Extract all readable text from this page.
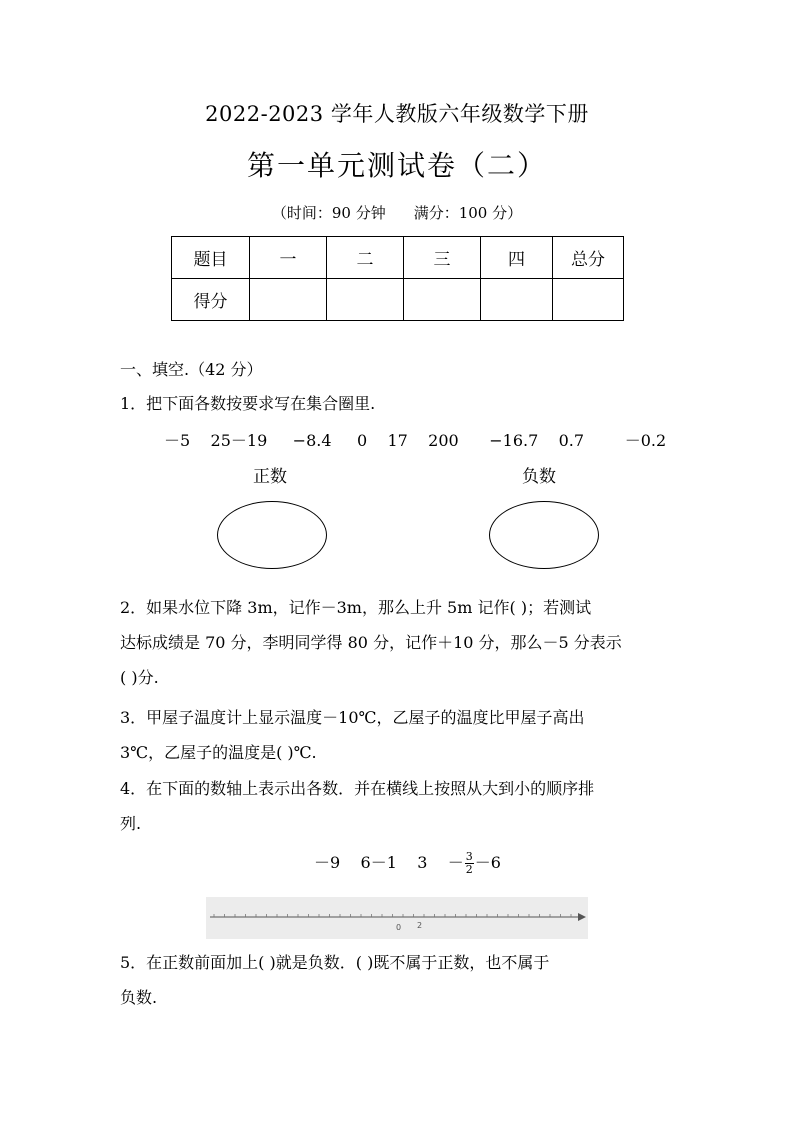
2022-2023 学年人教版六年级数学下册
第一单元测试卷（二）
（时间：90 分钟 满分：100 分）
题目	一	二	三	四	总分
得分					
一、填空.（42 分）
1．把下面各数按要求写在集合圈里.
－5    25－19     −8.4     0    17    200      −16.7    0.7        －0.2
正数	负数
2．如果水位下降 3m，记作－3m，那么上升 5m 记作( )；若测试
达标成绩是 70 分，李明同学得 80 分，记作＋10 分，那么－5 分表示
( )分.
3．甲屋子温度计上显示温度－10℃，乙屋子的温度比甲屋子高出
3℃，乙屋子的温度是( )℃.
4．在下面的数轴上表示出各数．并在横线上按照从大到小的顺序排
列.
－9    6－1    3    － $\frac{3}{2} -6$
0 2
5．在正数前面加上( )就是负数．( )既不属于正数，也不属于
负数.
